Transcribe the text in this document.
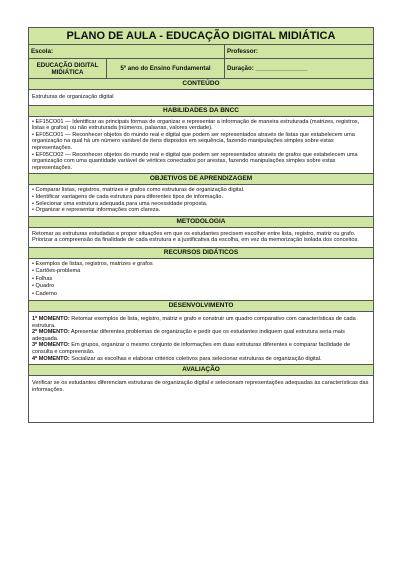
PLANO DE AULA - EDUCAÇÃO DIGITAL MIDIÁTICA
Escola:	Professor:
EDUCAÇÃO DIGITAL MIDIÁTICA	5º ano do Ensino Fundamental	Duração: _______________
CONTEÚDO

Estruturas de organização digital

HABILIDADES DA BNCC

• EF15CO01 — Identificar as principais formas de organizar e representar a informação de maneira estruturada (matrizes, registros, listas e grafos) ou não estruturada (números, palavras, valores verdade).

• EF05CO01 — Reconhecer objetos do mundo real e digital que podem ser representados através de listas que estabelecem uma organização na qual há um número variável de itens dispostos em sequência, fazendo manipulações simples sobre estas representações.

• EF05CO02 — Reconhecer objetos do mundo real e digital que podem ser representados através de grafos que estabelecem uma organização com uma quantidade variável de vértices conectados por arestas, fazendo manipulações simples sobre estas representações.

OBJETIVOS DE APRENDIZAGEM
• Comparar listas, registros, matrizes e grafos como estruturas de organização digital.
• Identificar vantagens de cada estrutura para diferentes tipos de informação.
• Selecionar uma estrutura adequada para uma necessidade proposta.
• Organizar e representar informações com clareza.
METODOLOGIA

Retomar as estruturas estudadas e propor situações em que os estudantes precisem escolher entre lista, registro, matriz ou grafo. Priorizar a compreensão da finalidade de cada estrutura e a justificativa da escolha, em vez da memorização isolada dos conceitos.

RECURSOS DIDÁTICOS
• Exemplos de listas, registros, matrizes e grafos
• Cartões-problema
• Folhas
• Quadro
• Caderno
DESENVOLVIMENTO

1º MOMENTO: Retomar exemplos de lista, registro, matriz e grafo e construir um quadro comparativo com características de cada estrutura.

2º MOMENTO: Apresentar diferentes problemas de organização e pedir que os estudantes indiquem qual estrutura seria mais adequada.

3º MOMENTO: Em grupos, organizar o mesmo conjunto de informações em duas estruturas diferentes e comparar facilidade de consulta e compreensão.

4º MOMENTO: Socializar as escolhas e elaborar critérios coletivos para selecionar estruturas de organização digital.

AVALIAÇÃO

Verificar se os estudantes diferenciam estruturas de organização digital e selecionam representações adequadas às características das informações.
